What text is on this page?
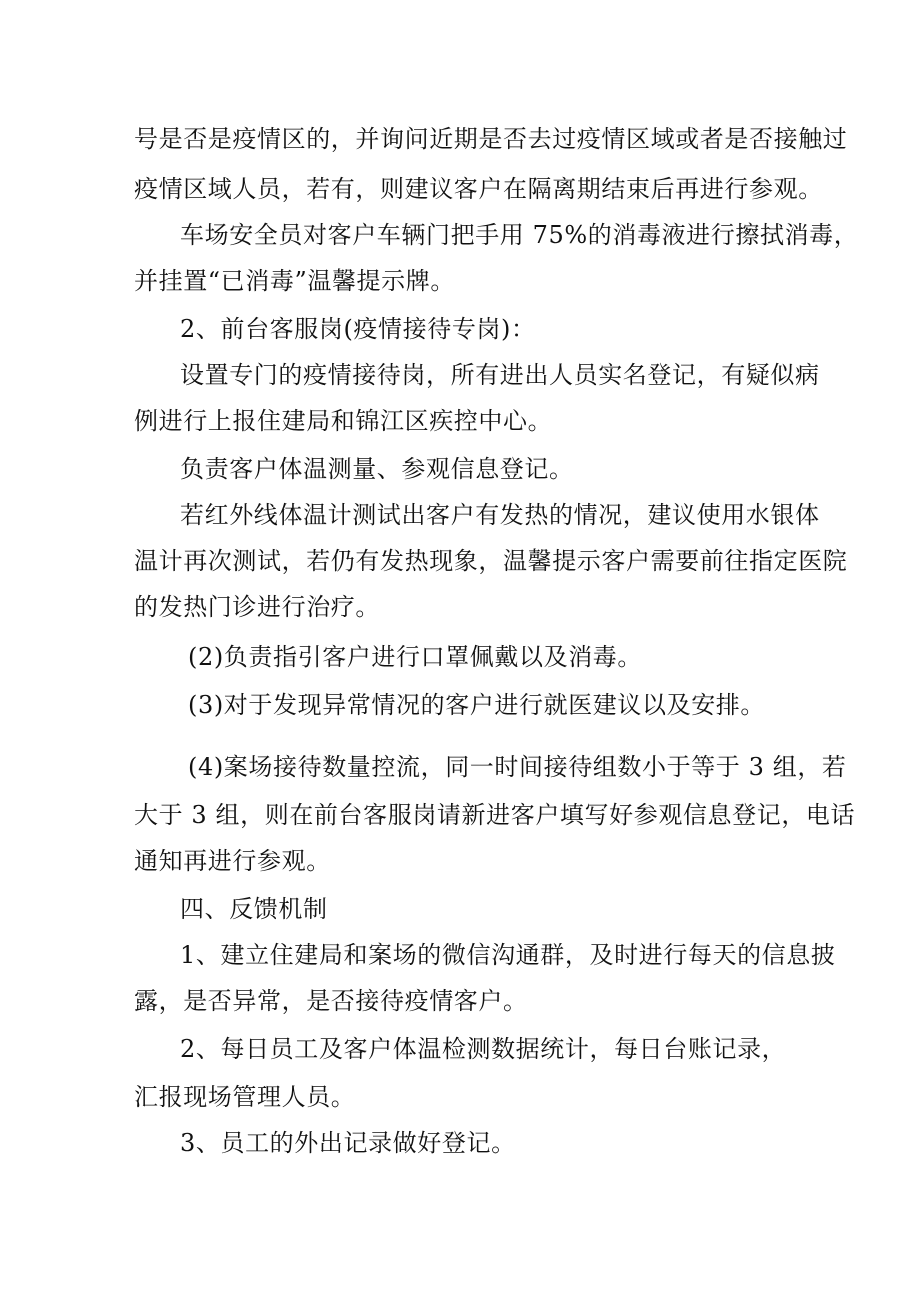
号是否是疫情区的，并询问近期是否去过疫情区域或者是否接触过
疫情区域人员，若有，则建议客户在隔离期结束后再进行参观。
车场安全员对客户车辆门把手用 75%的消毒液进行擦拭消毒，
并挂置“已消毒”温馨提示牌。
2、前台客服岗(疫情接待专岗)：
设置专门的疫情接待岗，所有进出人员实名登记，有疑似病
例进行上报住建局和锦江区疾控中心。
负责客户体温测量、参观信息登记。
若红外线体温计测试出客户有发热的情况，建议使用水银体
温计再次测试，若仍有发热现象，温馨提示客户需要前往指定医院
的发热门诊进行治疗。
(2)负责指引客户进行口罩佩戴以及消毒。
(3)对于发现异常情况的客户进行就医建议以及安排。
(4)案场接待数量控流，同一时间接待组数小于等于 3 组，若
大于 3 组，则在前台客服岗请新进客户填写好参观信息登记，电话
通知再进行参观。
四、反馈机制
1、建立住建局和案场的微信沟通群，及时进行每天的信息披
露，是否异常，是否接待疫情客户。
2、每日员工及客户体温检测数据统计，每日台账记录，
汇报现场管理人员。
3、员工的外出记录做好登记。
